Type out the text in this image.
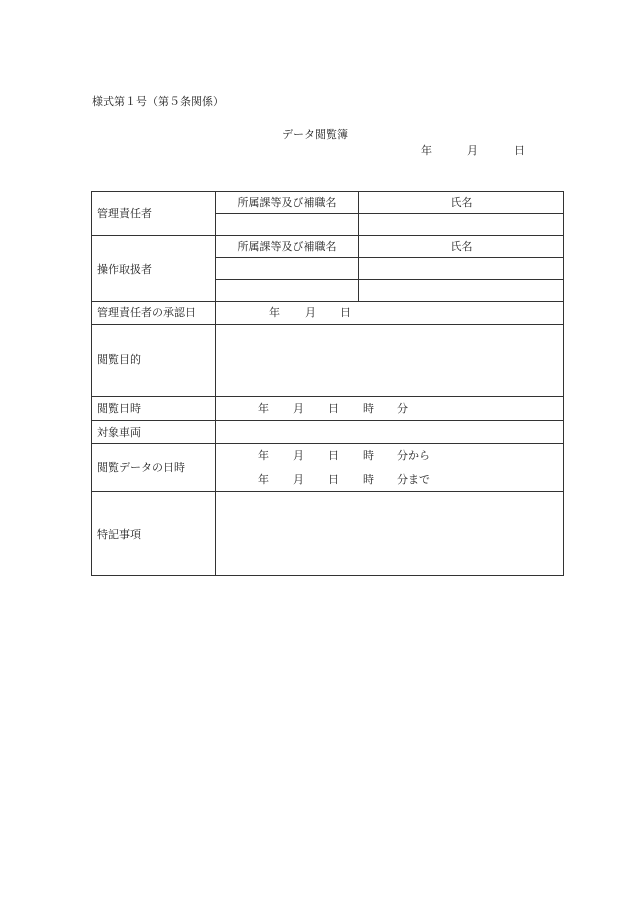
様式第１号（第５条関係）
データ閲覧簿
年	月	日
管理責任者
所属課等及び補職名	氏名
操作取扱者
所属課等及び補職名	氏名
管理責任者の承認日	年 月 日
閲覧目的
閲覧日時	年 月 日 時 分
対象車両
閲覧データの日時
年 月 日 時 分から
年 月 日 時 分まで
特記事項
